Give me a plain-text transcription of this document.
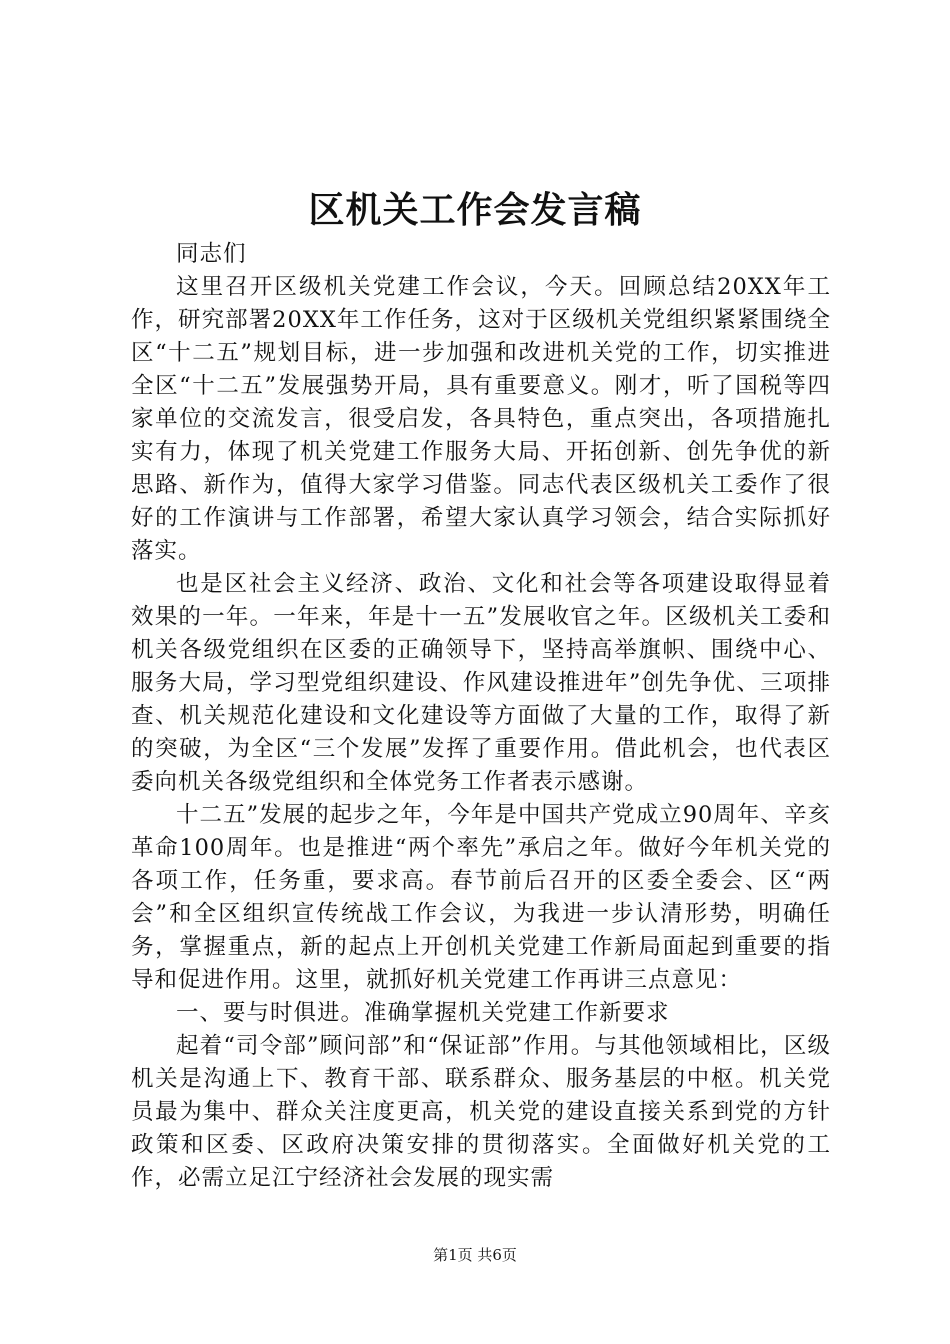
区机关工作会发言稿

同志们

这里召开区级机关党建工作会议，今天。回顾总结20XX年工作，研究部署20XX年工作任务，这对于区级机关党组织紧紧围绕全区“十二五”规划目标，进一步加强和改进机关党的工作，切实推进全区“十二五”发展强势开局，具有重要意义。刚才，听了国税等四家单位的交流发言，很受启发，各具特色，重点突出，各项措施扎实有力，体现了机关党建工作服务大局、开拓创新、创先争优的新思路、新作为，值得大家学习借鉴。同志代表区级机关工委作了很好的工作演讲与工作部署，希望大家认真学习领会，结合实际抓好落实。

也是区社会主义经济、政治、文化和社会等各项建设取得显着效果的一年。一年来，年是十一五”发展收官之年。区级机关工委和机关各级党组织在区委的正确领导下，坚持高举旗帜、围绕中心、服务大局，学习型党组织建设、作风建设推进年”创先争优、三项排查、机关规范化建设和文化建设等方面做了大量的工作，取得了新的突破，为全区“三个发展”发挥了重要作用。借此机会，也代表区委向机关各级党组织和全体党务工作者表示感谢。

十二五”发展的起步之年，今年是中国共产党成立90周年、辛亥革命100周年。也是推进“两个率先”承启之年。做好今年机关党的各项工作，任务重，要求高。春节前后召开的区委全委会、区“两会”和全区组织宣传统战工作会议，为我进一步认清形势，明确任务，掌握重点，新的起点上开创机关党建工作新局面起到重要的指导和促进作用。这里，就抓好机关党建工作再讲三点意见：

一、要与时俱进。准确掌握机关党建工作新要求

起着“司令部”顾问部”和“保证部”作用。与其他领域相比，区级机关是沟通上下、教育干部、联系群众、服务基层的中枢。机关党员最为集中、群众关注度更高，机关党的建设直接关系到党的方针政策和区委、区政府决策安排的贯彻落实。全面做好机关党的工作，必需立足江宁经济社会发展的现实需

第1页 共6页
